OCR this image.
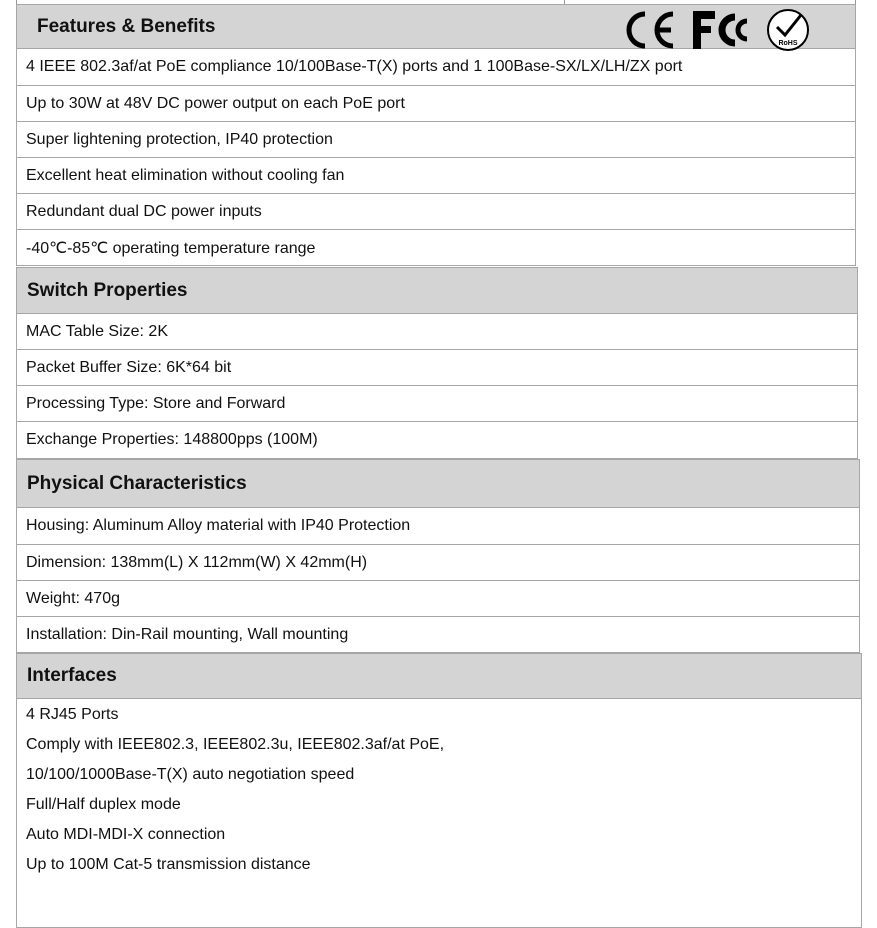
Features & Benefits
RoHS
4 IEEE 802.3af/at PoE compliance 10/100Base-T(X) ports and 1 100Base-SX/LX/LH/ZX port
Up to 30W at 48V DC power output on each PoE port
Super lightening protection, IP40 protection
Excellent heat elimination without cooling fan
Redundant dual DC power inputs
-40℃-85℃ operating temperature range
Switch Properties
MAC Table Size: 2K
Packet Buffer Size: 6K*64 bit
Processing Type: Store and Forward
Exchange Properties: 148800pps (100M)
Physical Characteristics
Housing: Aluminum Alloy material with IP40 Protection
Dimension: 138mm(L) X 112mm(W) X 42mm(H)
Weight: 470g
Installation: Din-Rail mounting, Wall mounting
Interfaces
4 RJ45 Ports
Comply with IEEE802.3, IEEE802.3u, IEEE802.3af/at PoE,
10/100/1000Base-T(X) auto negotiation speed
Full/Half duplex mode
Auto MDI-MDI-X connection
Up to 100M Cat-5 transmission distance
